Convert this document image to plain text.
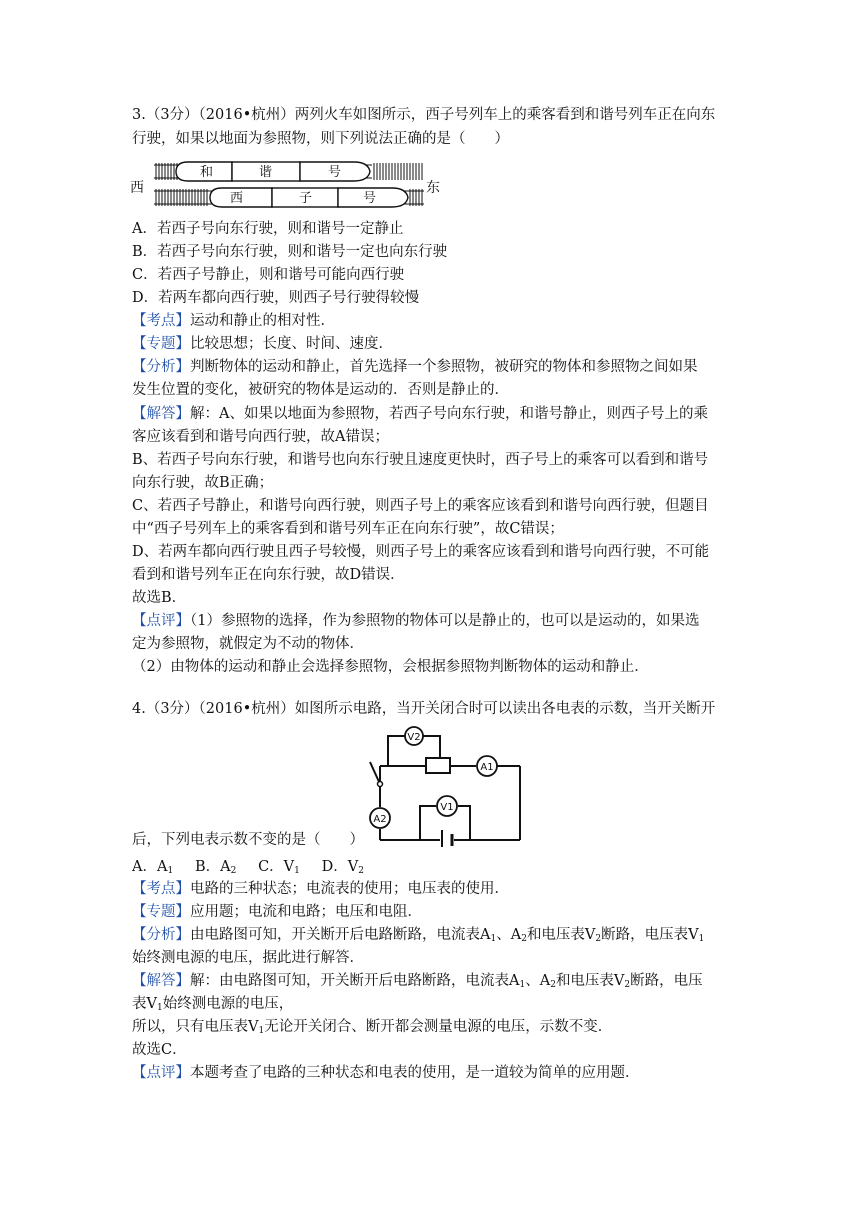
3.（3分）（2016•杭州）两列火车如图所示，西子号列车上的乘客看到和谐号列车正在向东
行驶，如果以地面为参照物，则下列说法正确的是（　　）
西	东
和	谐	号
西	子	号
A．若西子号向东行驶，则和谐号一定静止
B．若西子号向东行驶，则和谐号一定也向东行驶
C．若西子号静止，则和谐号可能向西行驶
D．若两车都向西行驶，则西子号行驶得较慢
【考点】运动和静止的相对性．
【专题】比较思想；长度、时间、速度．
【分析】判断物体的运动和静止，首先选择一个参照物，被研究的物体和参照物之间如果
发生位置的变化，被研究的物体是运动的．否则是静止的．
【解答】解：A、如果以地面为参照物，若西子号向东行驶，和谐号静止，则西子号上的乘
客应该看到和谐号向西行驶，故A错误；
B、若西子号向东行驶，和谐号也向东行驶且速度更快时，西子号上的乘客可以看到和谐号
向东行驶，故B正确；
C、若西子号静止，和谐号向西行驶，则西子号上的乘客应该看到和谐号向西行驶，但题目
中“西子号列车上的乘客看到和谐号列车正在向东行驶”，故C错误；
D、若两车都向西行驶且西子号较慢，则西子号上的乘客应该看到和谐号向西行驶，不可能
看到和谐号列车正在向东行驶，故D错误．
故选B．
【点评】（1）参照物的选择，作为参照物的物体可以是静止的，也可以是运动的，如果选
定为参照物，就假定为不动的物体．
（2）由物体的运动和静止会选择参照物，会根据参照物判断物体的运动和静止．
4.（3分）（2016•杭州）如图所示电路，当开关闭合时可以读出各电表的示数，当开关断开
V2
A1
A2
V1
后，下列电表示数不变的是（　　）
A．$A_1$   B．$A_2$   C．$V_1$   D．$V_2$
【考点】电路的三种状态；电流表的使用；电压表的使用．
【专题】应用题；电流和电路；电压和电阻．
【分析】由电路图可知，开关断开后电路断路，电流表$A_1$、$A_2$和电压表$V_2$断路，电压表$V_1$
始终测电源的电压，据此进行解答．
【解答】解：由电路图可知，开关断开后电路断路，电流表$A_1$、$A_2$和电压表$V_2$断路，电压
表$V_1$始终测电源的电压，
所以，只有电压表$V_1$无论开关闭合、断开都会测量电源的电压，示数不变．
故选C．
【点评】本题考查了电路的三种状态和电表的使用，是一道较为简单的应用题．
